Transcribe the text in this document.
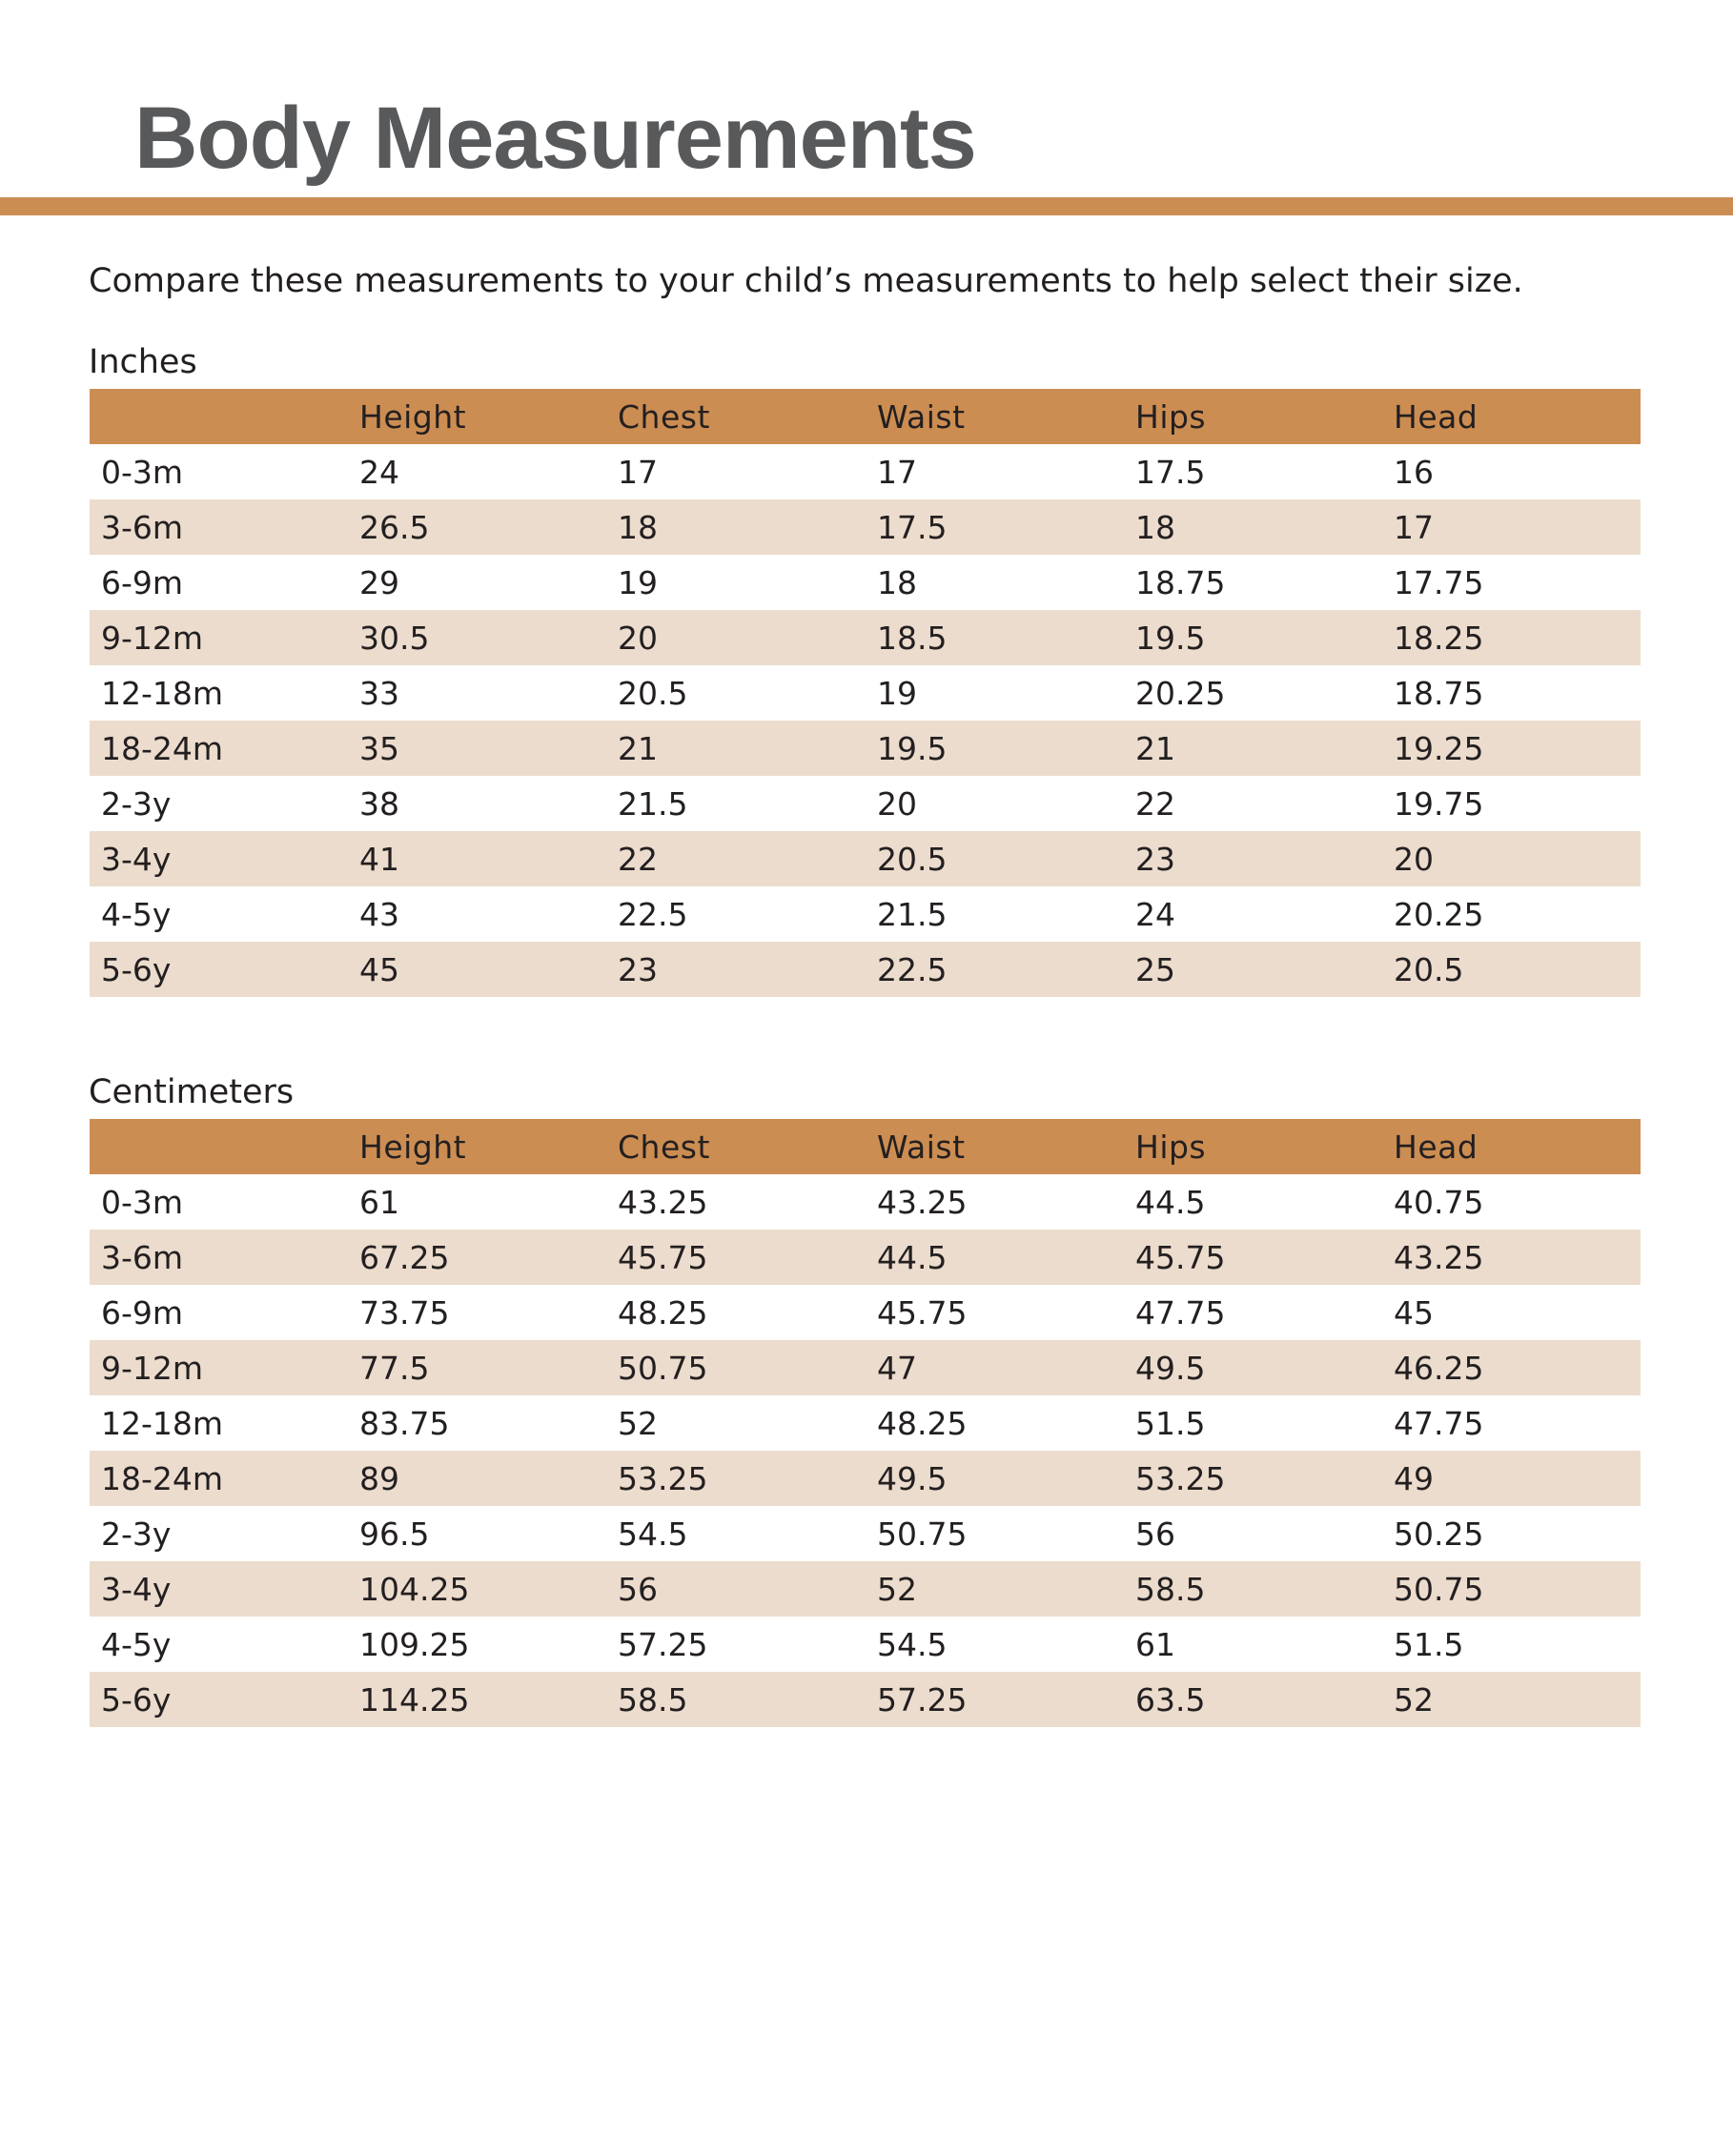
Body Measurements

Compare these measurements to your child’s measurements to help select their size.

Inches

	Height	Chest	Waist	Hips	Head
0-3m	24	17	17	17.5	16
3-6m	26.5	18	17.5	18	17
6-9m	29	19	18	18.75	17.75
9-12m	30.5	20	18.5	19.5	18.25
12-18m	33	20.5	19	20.25	18.75
18-24m	35	21	19.5	21	19.25
2-3y	38	21.5	20	22	19.75
3-4y	41	22	20.5	23	20
4-5y	43	22.5	21.5	24	20.25
5-6y	45	23	22.5	25	20.5

Centimeters

	Height	Chest	Waist	Hips	Head
0-3m	61	43.25	43.25	44.5	40.75
3-6m	67.25	45.75	44.5	45.75	43.25
6-9m	73.75	48.25	45.75	47.75	45
9-12m	77.5	50.75	47	49.5	46.25
12-18m	83.75	52	48.25	51.5	47.75
18-24m	89	53.25	49.5	53.25	49
2-3y	96.5	54.5	50.75	56	50.25
3-4y	104.25	56	52	58.5	50.75
4-5y	109.25	57.25	54.5	61	51.5
5-6y	114.25	58.5	57.25	63.5	52
